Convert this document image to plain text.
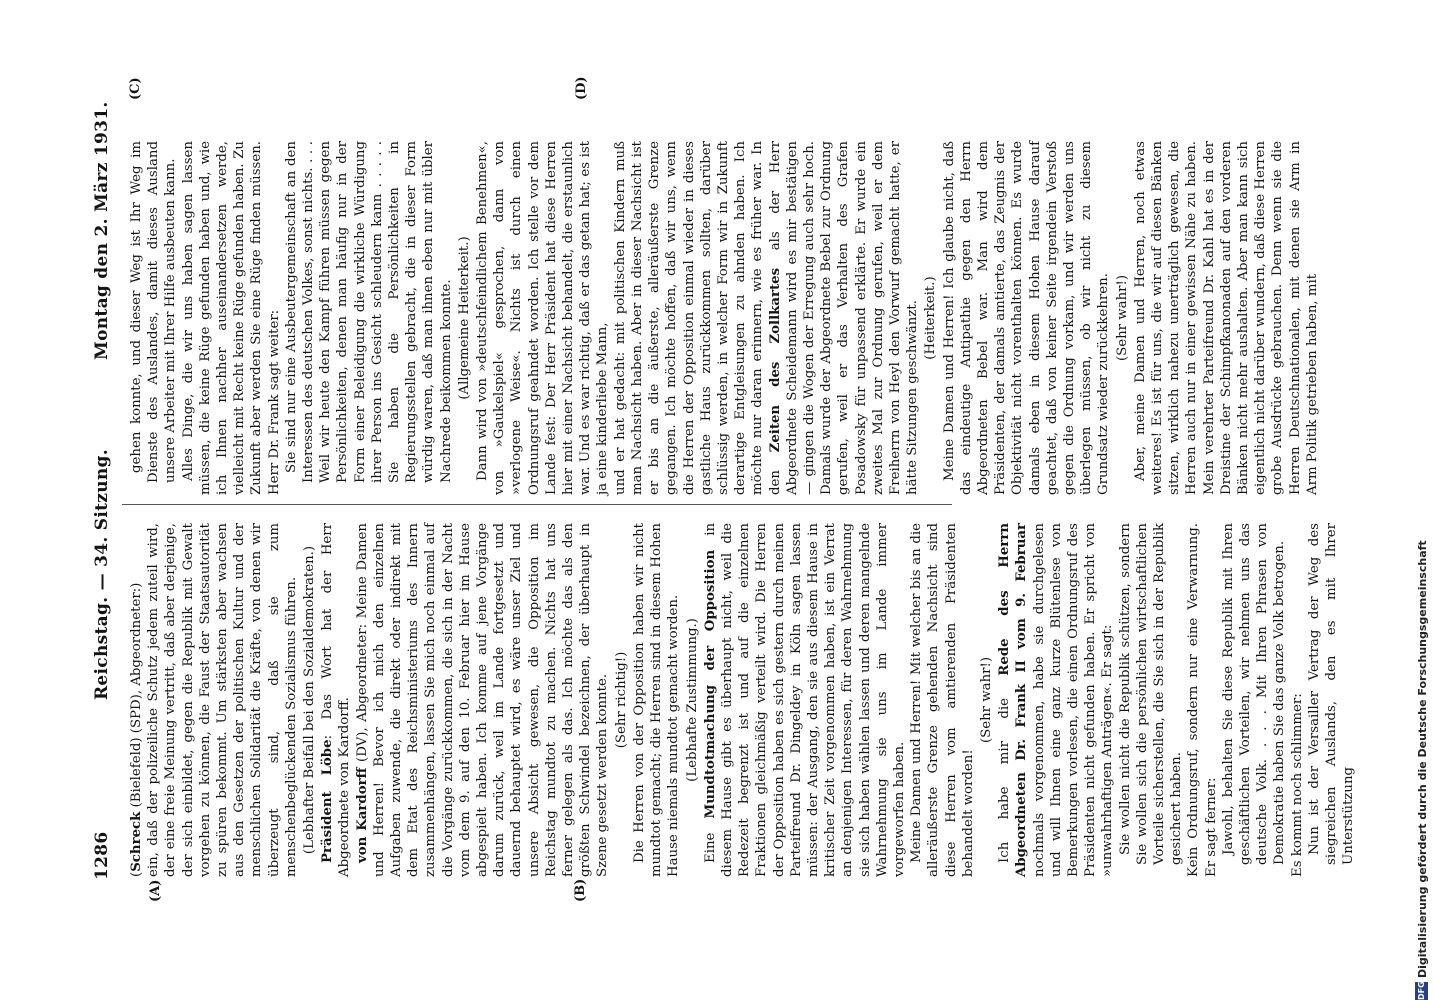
1286
Reichstag. — 34. Sitzung.
Montag den 2. März 1931.
(A)	(B)
(C)	(D)

(Schreck (Bielefeld) (SPD), Abgeordneter:) ein, daß der polizeiliche Schutz jedem zuteil wird, der eine freie Meinung vertritt, daß aber derjenige, der sich einbildet, gegen die Republik mit Gewalt vorgehen zu können, die Faust der Staatsautorität zu spüren bekommt. Um stärksten aber wachsen aus den Gesetzen der politischen Kultur und der menschlichen Solidarität die Kräfte, von denen wir überzeugt sind, daß sie zum menschenbeglückenden Sozialismus führen. (Lebhafter Beifall bei den Sozialdemokraten.) Präsident Löbe: Das Wort hat der Herr Abgeordnete von Kardorff. von Kardorff (DV), Abgeordneter: Meine Damen und Herren! Bevor ich mich den einzelnen Aufgaben zuwende, die direkt oder indirekt mit dem Etat des Reichsministeriums des Innern zusammenhängen, lassen Sie mich noch einmal auf die Vorgänge zurückkommen, die sich in der Nacht vom dem 9. auf den 10. Februar hier im Hause abgespielt haben. Ich komme auf jene Vorgänge darum zurück, weil im Lande fortgesetzt und dauernd behauptet wird, es wäre unser Ziel und unsere Absicht gewesen, die Opposition im Reichstag mundtot zu machen. Nichts hat uns ferner gelegen als das. Ich möchte das als den größten Schwindel bezeichnen, der überhaupt in Szene gesetzt werden konnte. (Sehr richtig!) Die Herren von der Opposition haben wir nicht mundtot gemacht; die Herren sind in diesem Hohen Hause niemals mundtot gemacht worden. (Lebhafte Zustimmung.)

Eine Mundtotmachung der Opposition in diesem Hause gibt es überhaupt nicht, weil die Redezeit begrenzt ist und auf die einzelnen Fraktionen gleichmäßig verteilt wird. Die Herren der Opposition haben es sich gestern durch meinen Parteifreund Dr. Dingeldey in Köln sagen lassen müssen: der Ausgang, den sie aus diesem Hause in kritischer Zeit vorgenommen haben, ist ein Verrat an denjenigen Interessen, für deren Wahrnehmung sie sich haben wählen lassen und deren mangelnde Wahrnehmung sie uns im Lande immer vorgeworfen haben. Meine Damen und Herren! Mit welcher bis an die alleräußerste Grenze gehenden Nachsicht sind diese Herren vom amtierenden Präsidenten behandelt worden!

(Sehr wahr!) Ich habe mir die Rede des Herrn Abgeordneten Dr. Frank II vom 9. Februar nochmals vorgenommen, habe sie durchgelesen und will Ihnen eine ganz kurze Blütenlese von Bemerkungen vorlesen, die einen Ordnungsruf des Präsidenten nicht gefunden haben. Er spricht von »unwahrhaftigen Anträgen«. Er sagt: Sie wollen nicht die Republik schützen, sondern Sie wollen sich die persönlichen wirtschaftlichen Vorteile sicherstellen, die Sie sich in der Republik gesichert haben. Kein Ordnungsruf, sondern nur eine Verwarnung. Er sagt ferner: Jawohl, behalten Sie diese Republik mit Ihren geschäftlichen Vorteilen, wir nehmen uns das deutsche Volk. . . . Mit Ihren Phrasen von Demokratie haben Sie das ganze Volk betrogen. Es kommt noch schlimmer: Nun ist der Versailler Vertrag der Weg des siegreichen Auslands, den es mit Ihrer Unterstützung

gehen konnte, und dieser Weg ist Ihr Weg im Dienste des Auslandes, damit dieses Ausland unsere Arbeiter mit Ihrer Hilfe ausbeuten kann. Alles Dinge, die wir uns haben sagen lassen müssen, die keine Rüge gefunden haben und, wie ich Ihnen nachher auseinandersetzen werde, vielleicht mit Recht keine Rüge gefunden haben. Zu Zukunft aber werden Sie eine Rüge finden müssen. Herr Dr. Frank sagt weiter: Sie sind nur eine Ausbeutergemeinschaft an den Interessen des deutschen Volkes, sonst nichts. . . . Weil wir heute den Kampf führen müssen gegen Persönlichkeiten, denen man häufig nur in der Form einer Beleidigung die wirkliche Würdigung ihrer Person ins Gesicht schleudern kann . . . . . Sie haben die Persönlichkeiten in Regierungsstellen gebracht, die in dieser Form würdig waren, daß man ihnen eben nur mit übler Nachrede beikommen konnte. (Allgemeine Heiterkeit.) Dann wird von »deutschfeindlichem Benehmen«, von »Gaukelspiel« gesprochen, dann von »verlogene Weise«. Nichts ist durch einen Ordnungsruf geahndet worden. Ich stelle vor dem Lande fest: Der Herr Präsident hat diese Herren hier mit einer Nachsicht behandelt, die erstaunlich war. Und es war richtig, daß er das getan hat; es ist ja eine kinderliebe Mann, und er hat gedacht: mit politischen Kindern muß man Nachsicht haben. Aber in dieser Nachsicht ist er bis an die äußerste, alleräußerste Grenze gegangen. Ich möchte hoffen, daß wir uns, wenn die Herren der Opposition einmal wieder in dieses gastliche Haus zurückkommen sollten, darüber schlüssig werden, in welcher Form wir in Zukunft derartige Entgleisungen zu ahnden haben. Ich möchte nur daran erinnern, wie es früher war. In den Zeiten des Zollkartes als der Herr Abgeordnete Scheidemann wird es mir bestätigen — gingen die Wogen der Erregung auch sehr hoch. Damals wurde der Abgeordnete Bebel zur Ordnung gerufen, weil er das Verhalten des Grafen Posadowsky für unpassend erklärte. Er wurde ein zweites Mal zur Ordnung gerufen, weil er dem Freiherrn von Heyl den Vorwurf gemacht hatte, er hätte Sitzungen geschwänzt. (Heiterkeit.) Meine Damen und Herren! Ich glaube nicht, daß das eindeutige Antipathie gegen den Herrn Abgeordneten Bebel war. Man wird dem Präsidenten, der damals amtierte, das Zeugnis der Objektivität nicht vorenthalten können. Es wurde damals eben in diesem Hohen Hause darauf geachtet, daß von keiner Seite irgendein Verstoß gegen die Ordnung vorkam, und wir werden uns überlegen müssen, ob wir nicht zu diesem Grundsatz wieder zurückkehren. (Sehr wahr!) Aber, meine Damen und Herren, noch etwas weiteres! Es ist für uns, die wir auf diesen Bänken sitzen, wirklich nahezu unerträglich gewesen, die Herren auch nur in einer gewissen Nähe zu haben. Mein verehrter Parteifreund Dr. Kahl hat es in der Dreistine der Schimpfkanonaden auf den vorderen Bänken nicht mehr aushalten. Aber man kann sich eigentlich nicht darüber wundern, daß diese Herren grobe Ausdrücke gebrauchen. Denn wenn sie die Herren Deutschnationalen, mit denen sie Arm in Arm Politik getrieben haben, mit

DFG
Digitalisierung gefördert durch die Deutsche Forschungsgemeinschaft
